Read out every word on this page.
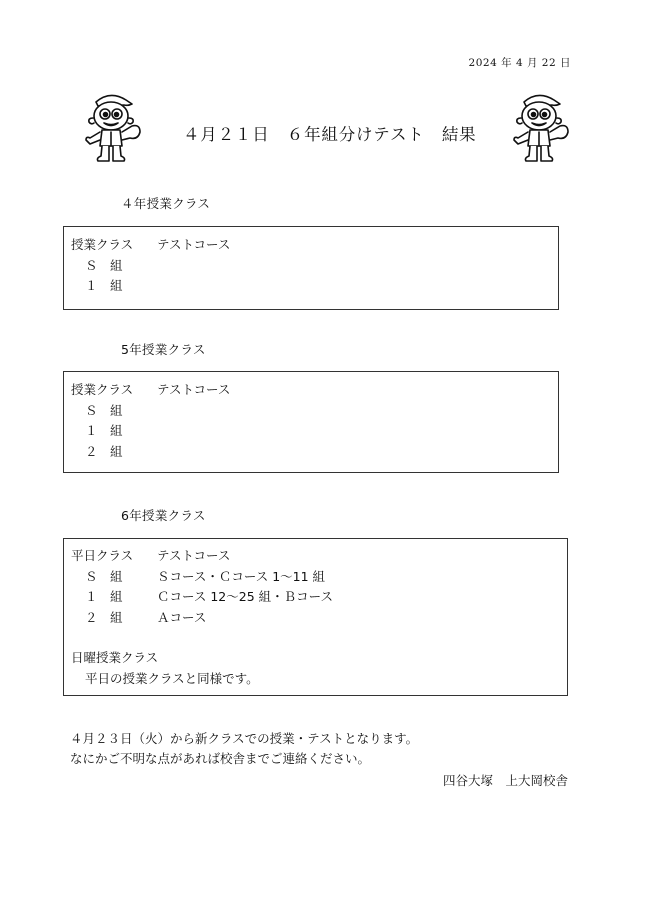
2024 年 4 月 22 日
４月２１日　６年組分けテスト　結果
４年授業クラス
授業クラス	テストコース
Ｓ　組
１　組
5年授業クラス
授業クラス	テストコース
Ｓ　組
１　組
２　組
6年授業クラス
平日クラス	テストコース
Ｓ　組	Ｓコース・Ｃコース 1～11 組
１　組	Ｃコース 12～25 組・Ｂコース
２　組	Ａコース
日曜授業クラス
平日の授業クラスと同様です。
４月２３日（火）から新クラスでの授業・テストとなります。
なにかご不明な点があれば校舎までご連絡ください。
四谷大塚　上大岡校舎
